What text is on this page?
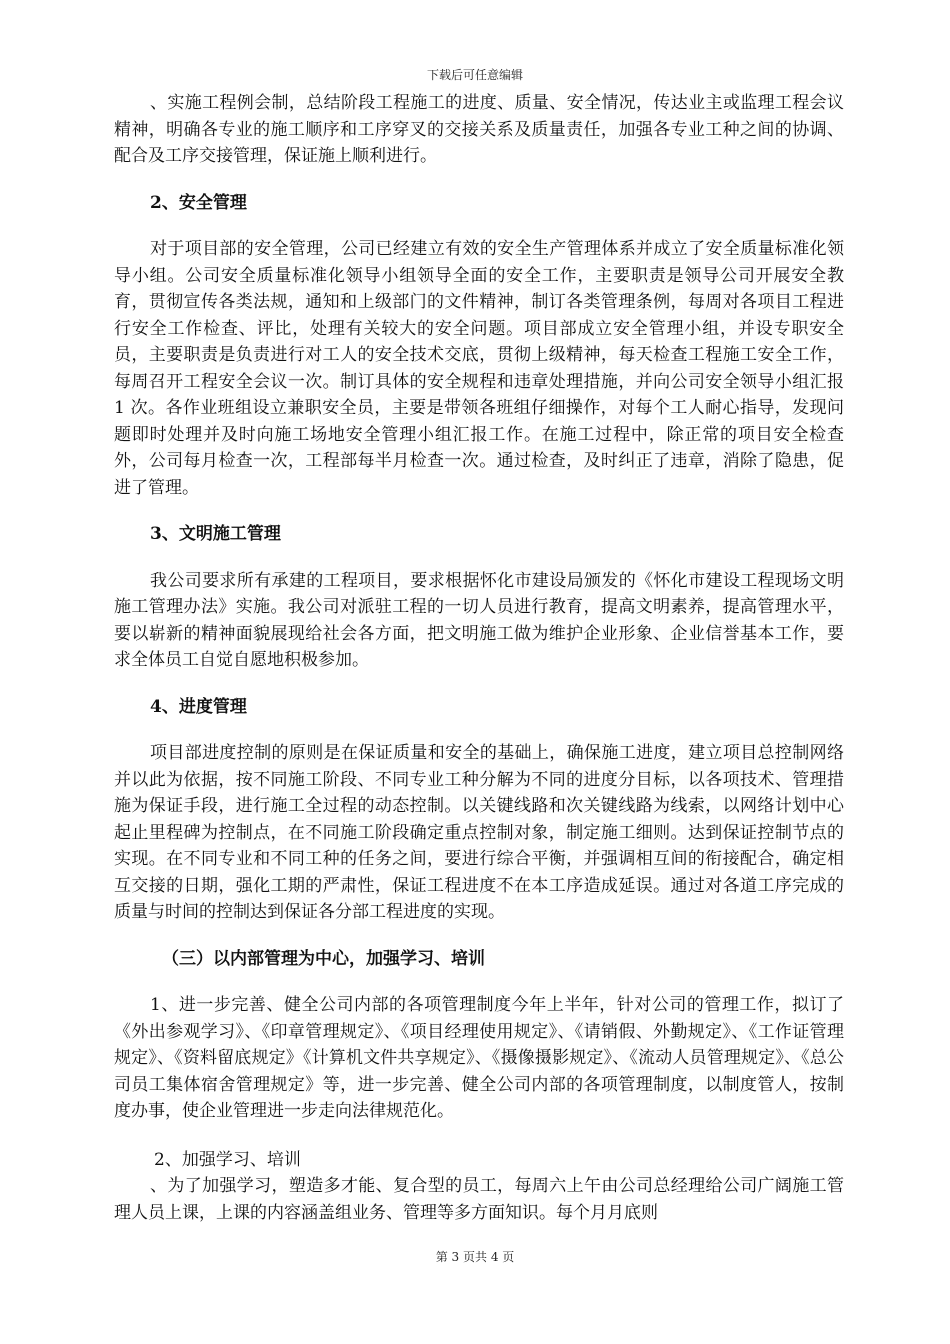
下载后可任意编辑

、实施工程例会制，总结阶段工程施工的进度、质量、安全情况，传达业主或监理工程会议精神，明确各专业的施工顺序和工序穿叉的交接关系及质量责任，加强各专业工种之间的协调、配合及工序交接管理，保证施上顺利进行。

2、安全管理

对于项目部的安全管理，公司已经建立有效的安全生产管理体系并成立了安全质量标准化领导小组。公司安全质量标准化领导小组领导全面的安全工作，主要职责是领导公司开展安全教育，贯彻宣传各类法规，通知和上级部门的文件精神，制订各类管理条例，每周对各项目工程进行安全工作检查、评比，处理有关较大的安全问题。项目部成立安全管理小组，并设专职安全员，主要职责是负责进行对工人的安全技术交底，贯彻上级精神，每天检查工程施工安全工作，每周召开工程安全会议一次。制订具体的安全规程和违章处理措施，并向公司安全领导小组汇报 1 次。各作业班组设立兼职安全员，主要是带领各班组仔细操作，对每个工人耐心指导，发现问题即时处理并及时向施工场地安全管理小组汇报工作。在施工过程中，除正常的项目安全检查外，公司每月检查一次，工程部每半月检查一次。通过检查，及时纠正了违章，消除了隐患，促进了管理。

3、文明施工管理

我公司要求所有承建的工程项目，要求根据怀化市建设局颁发的《怀化市建设工程现场文明施工管理办法》实施。我公司对派驻工程的一切人员进行教育，提高文明素养，提高管理水平，要以崭新的精神面貌展现给社会各方面，把文明施工做为维护企业形象、企业信誉基本工作，要求全体员工自觉自愿地积极参加。

4、进度管理

项目部进度控制的原则是在保证质量和安全的基础上，确保施工进度，建立项目总控制网络并以此为依据，按不同施工阶段、不同专业工种分解为不同的进度分目标，以各项技术、管理措施为保证手段，进行施工全过程的动态控制。以关键线路和次关键线路为线索，以网络计划中心起止里程碑为控制点，在不同施工阶段确定重点控制对象，制定施工细则。达到保证控制节点的实现。在不同专业和不同工种的任务之间，要进行综合平衡，并强调相互间的衔接配合，确定相互交接的日期，强化工期的严肃性，保证工程进度不在本工序造成延误。通过对各道工序完成的质量与时间的控制达到保证各分部工程进度的实现。

（三）以内部管理为中心，加强学习、培训

1、进一步完善、健全公司内部的各项管理制度今年上半年，针对公司的管理工作，拟订了《外出参观学习》、《印章管理规定》、《项目经理使用规定》、《请销假、外勤规定》、《工作证管理规定》、《资料留底规定》《计算机文件共享规定》、《摄像摄影规定》、《流动人员管理规定》、《总公司员工集体宿舍管理规定》等，进一步完善、健全公司内部的各项管理制度，以制度管人，按制度办事，使企业管理进一步走向法律规范化。

2、加强学习、培训

、为了加强学习，塑造多才能、复合型的员工，每周六上午由公司总经理给公司广阔施工管理人员上课，上课的内容涵盖组业务、管理等多方面知识。每个月月底则

第 3 页共 4 页
